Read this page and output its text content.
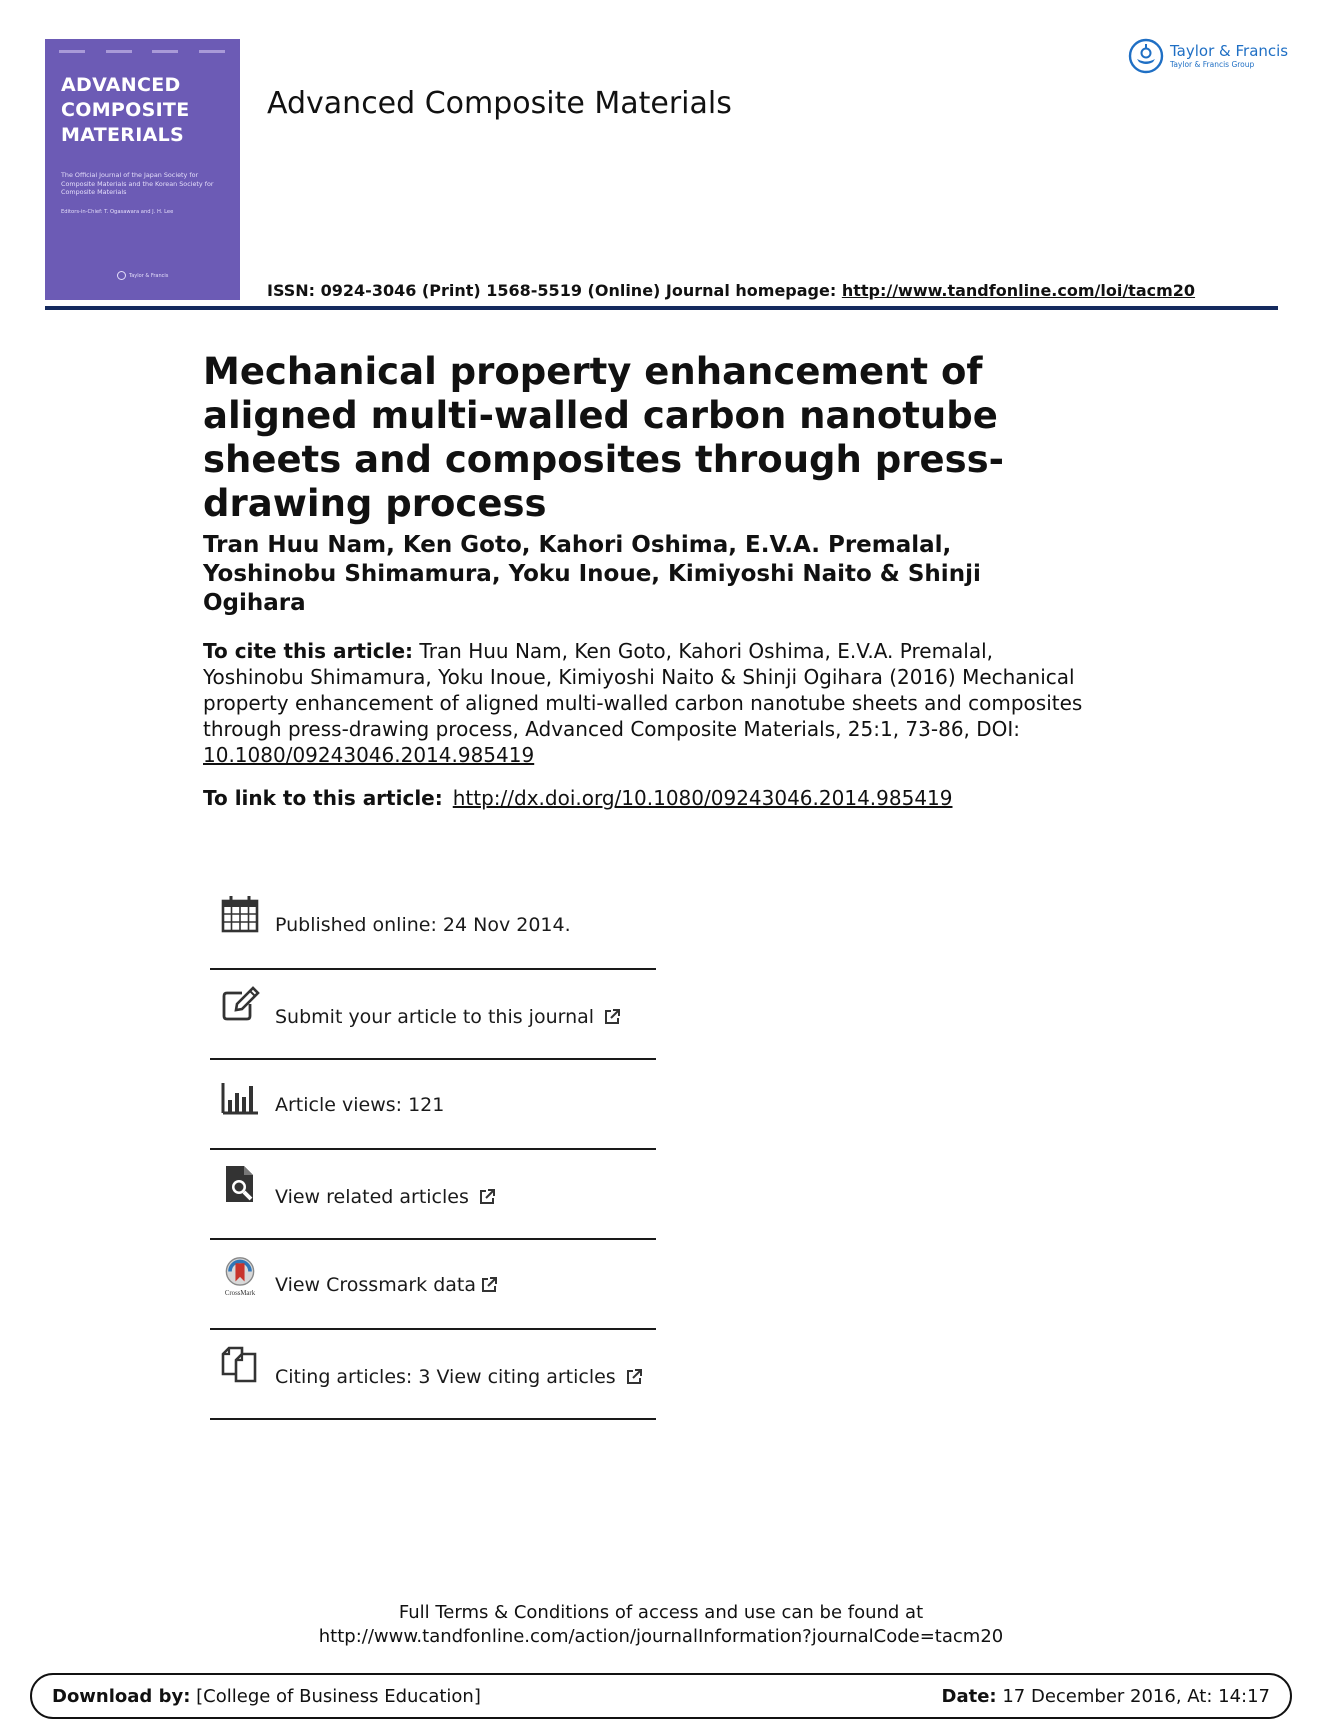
ADVANCED
COMPOSITE
MATERIALS
The Official Journal of the Japan Society for Composite Materials and the Korean Society for Composite Materials
Editors-in-Chief: T. Ogasawara and J. H. Lee
Taylor & Francis
Advanced Composite Materials
Taylor & Francis
Taylor & Francis Group
ISSN: 0924-3046 (Print) 1568-5519 (Online) Journal homepage: http://www.tandfonline.com/loi/tacm20
Mechanical property enhancement of aligned multi-walled carbon nanotube sheets and composites through press-drawing process
Tran Huu Nam, Ken Goto, Kahori Oshima, E.V.A. Premalal, Yoshinobu Shimamura, Yoku Inoue, Kimiyoshi Naito & Shinji Ogihara
To cite this article: Tran Huu Nam, Ken Goto, Kahori Oshima, E.V.A. Premalal, Yoshinobu Shimamura, Yoku Inoue, Kimiyoshi Naito & Shinji Ogihara (2016) Mechanical property enhancement of aligned multi-walled carbon nanotube sheets and composites through press-drawing process, Advanced Composite Materials, 25:1, 73-86, DOI:
10.1080/09243046.2014.985419
To link to this article: http://dx.doi.org/10.1080/09243046.2014.985419
Published online: 24 Nov 2014.
Submit your article to this journal
Article views: 121
View related articles
CrossMark View Crossmark data
Citing articles: 3 View citing articles
Full Terms & Conditions of access and use can be found at
http://www.tandfonline.com/action/journalInformation?journalCode=tacm20
Download by: [College of Business Education]	Date: 17 December 2016, At: 14:17
